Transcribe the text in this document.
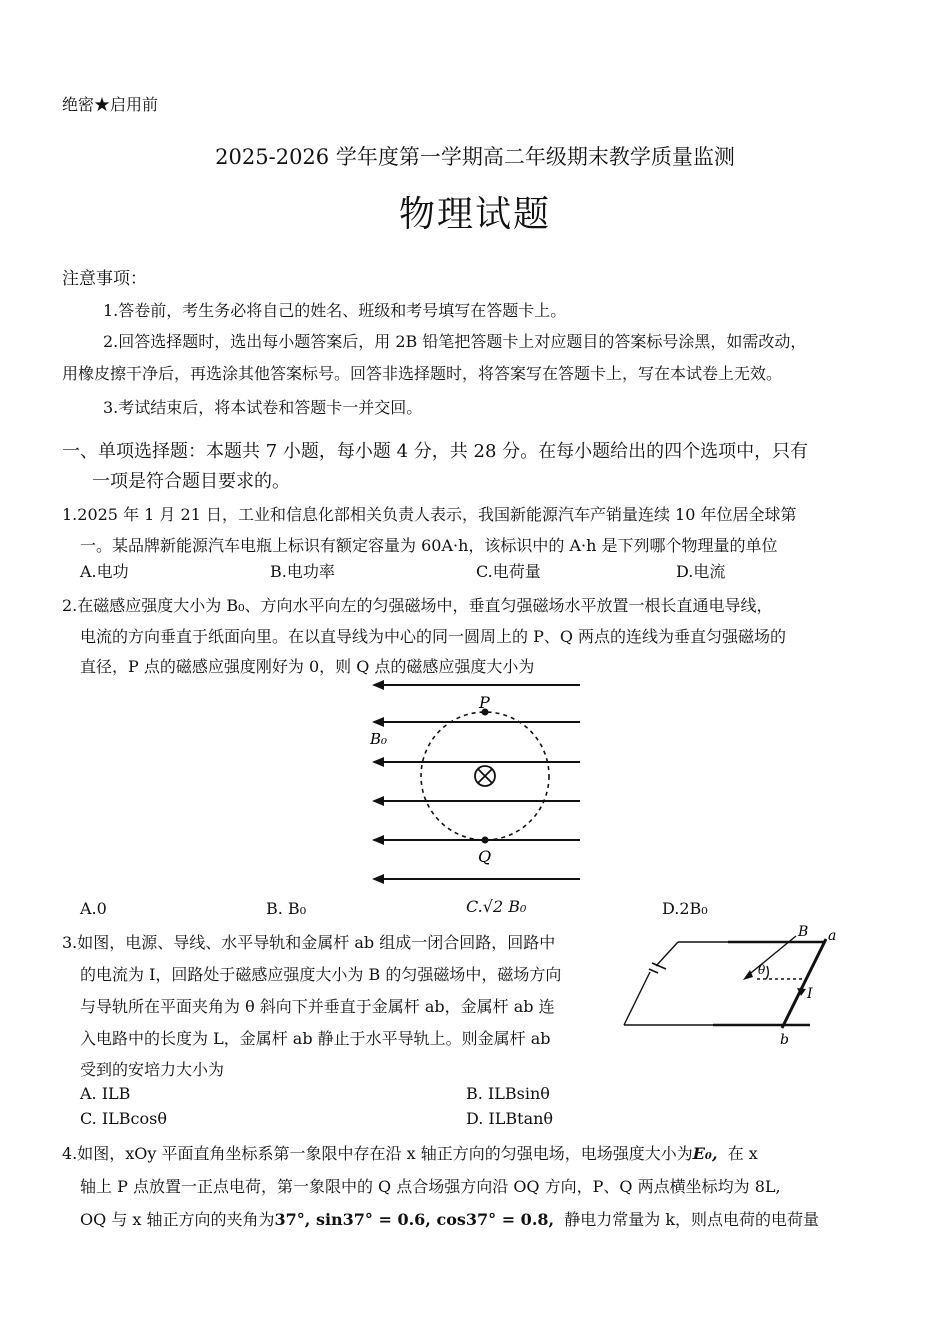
绝密★启用前
2025-2026 学年度第一学期高二年级期末教学质量监测
物理试题
注意事项：
1.答卷前，考生务必将自己的姓名、班级和考号填写在答题卡上。
2.回答选择题时，选出每小题答案后，用 2B 铅笔把答题卡上对应题目的答案标号涂黑，如需改动，
用橡皮擦干净后，再选涂其他答案标号。回答非选择题时，将答案写在答题卡上，写在本试卷上无效。
3.考试结束后，将本试卷和答题卡一并交回。
一、单项选择题：本题共 7 小题，每小题 4 分，共 28 分。在每小题给出的四个选项中，只有
一项是符合题目要求的。
1.2025 年 1 月 21 日，工业和信息化部相关负责人表示，我国新能源汽车产销量连续 10 年位居全球第
一。某品牌新能源汽车电瓶上标识有额定容量为 60A·h，该标识中的 A·h 是下列哪个物理量的单位
A.电功	B.电功率	C.电荷量	D.电流
2.在磁感应强度大小为 B₀、方向水平向左的匀强磁场中，垂直匀强磁场水平放置一根长直通电导线，
电流的方向垂直于纸面向里。在以直导线为中心的同一圆周上的 P、Q 两点的连线为垂直匀强磁场的
直径，P 点的磁感应强度刚好为 0，则 Q 点的磁感应强度大小为
P
Q
B₀
A.0	B. B₀	C.√2 B₀	D.2B₀
3.如图，电源、导线、水平导轨和金属杆 ab 组成一闭合回路，回路中
的电流为 I，回路处于磁感应强度大小为 B 的匀强磁场中，磁场方向
与导轨所在平面夹角为 θ 斜向下并垂直于金属杆 ab，金属杆 ab 连
入电路中的长度为 L，金属杆 ab 静止于水平导轨上。则金属杆 ab
受到的安培力大小为
B
θ
I
a
b
A. ILB	B. ILBsinθ
C. ILBcosθ	D. ILBtanθ
4.如图，xOy 平面直角坐标系第一象限中存在沿 x 轴正方向的匀强电场，电场强度大小为E₀, 在 x
轴上 P 点放置一正点电荷，第一象限中的 Q 点合场强方向沿 OQ 方向，P、Q 两点横坐标均为 8L,
OQ 与 x 轴正方向的夹角为37°, sin37° = 0.6, cos37° = 0.8, 静电力常量为 k，则点电荷的电荷量
